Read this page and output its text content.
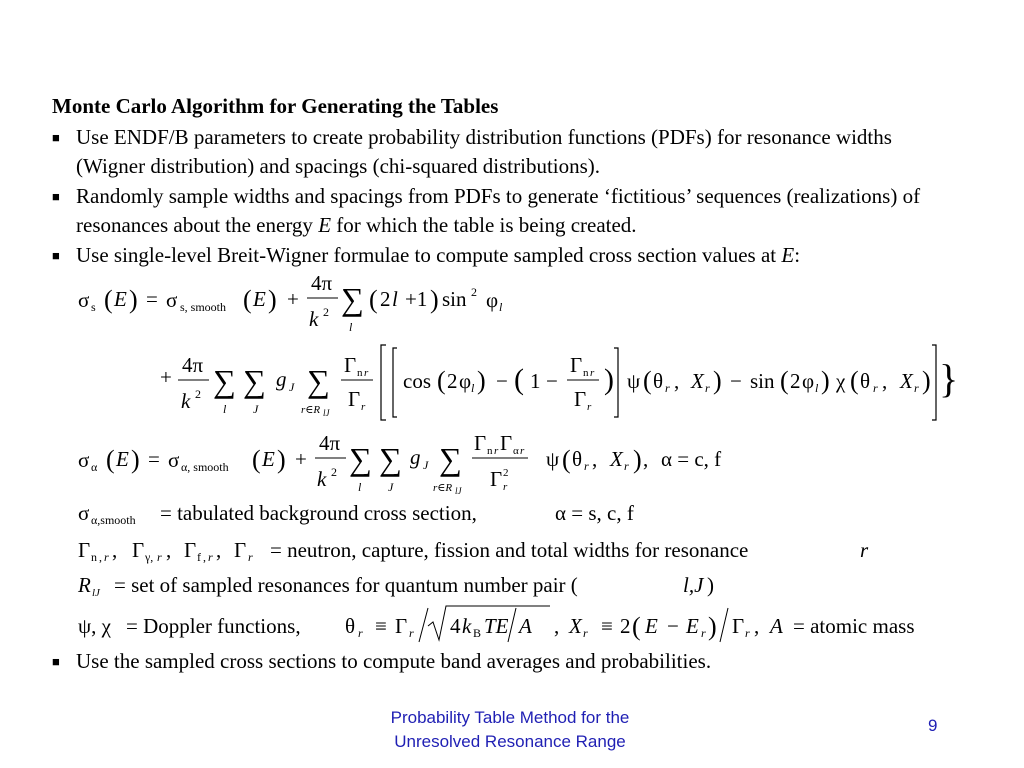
Monte Carlo Algorithm for Generating the Tables
■ Use ENDF/B parameters to create probability distribution functions (PDFs) for resonance widths (Wigner distribution) and spacings (chi-squared distributions).
■ Randomly sample widths and spacings from PDFs to generate ‘fictitious’ sequences (realizations) of resonances about the energy E for which the table is being created.
■ Use single-level Breit-Wigner formulae to compute sampled cross section values at E:
σ s ( E ) = σ s, smooth ( E ) +
4π
k 2 ∑
l
( 2 l +1 ) sin 2 φ l
+ 4π
k 2 ∑
l
∑
J
g J ∑
r∈R lJ
Γ n r
Γ r
cos ( 2 φ l ) − ( 1 −
Γ n r
Γ r
) ψ ( θ r , X r ) − sin ( 2 φ l ) χ ( θ r , X r ) }
σ α ( E ) = σ α, smooth ( E ) +
4π
k 2 ∑
l
∑
J
g J ∑
r∈R lJ
Γ n r Γ α r
Γ 2
r
ψ ( θ r , X r ) , α = c, f
σ α,smooth = tabulated background cross section,	α = s, c, f
Γ n , r , Γ γ, r , Γ f , r , Γ r = neutron, capture, fission and total widths for resonance	r
R lJ = set of sampled resonances for quantum number pair (	l,J )
ψ, χ = Doppler functions, θ r ≡ Γ r 4 k B TE A , X r ≡ 2 ( E − E r ) Γ r , A = atomic mass
■ Use the sampled cross sections to compute band averages and probabilities.
Probability Table Method for the
Unresolved Resonance Range
9
